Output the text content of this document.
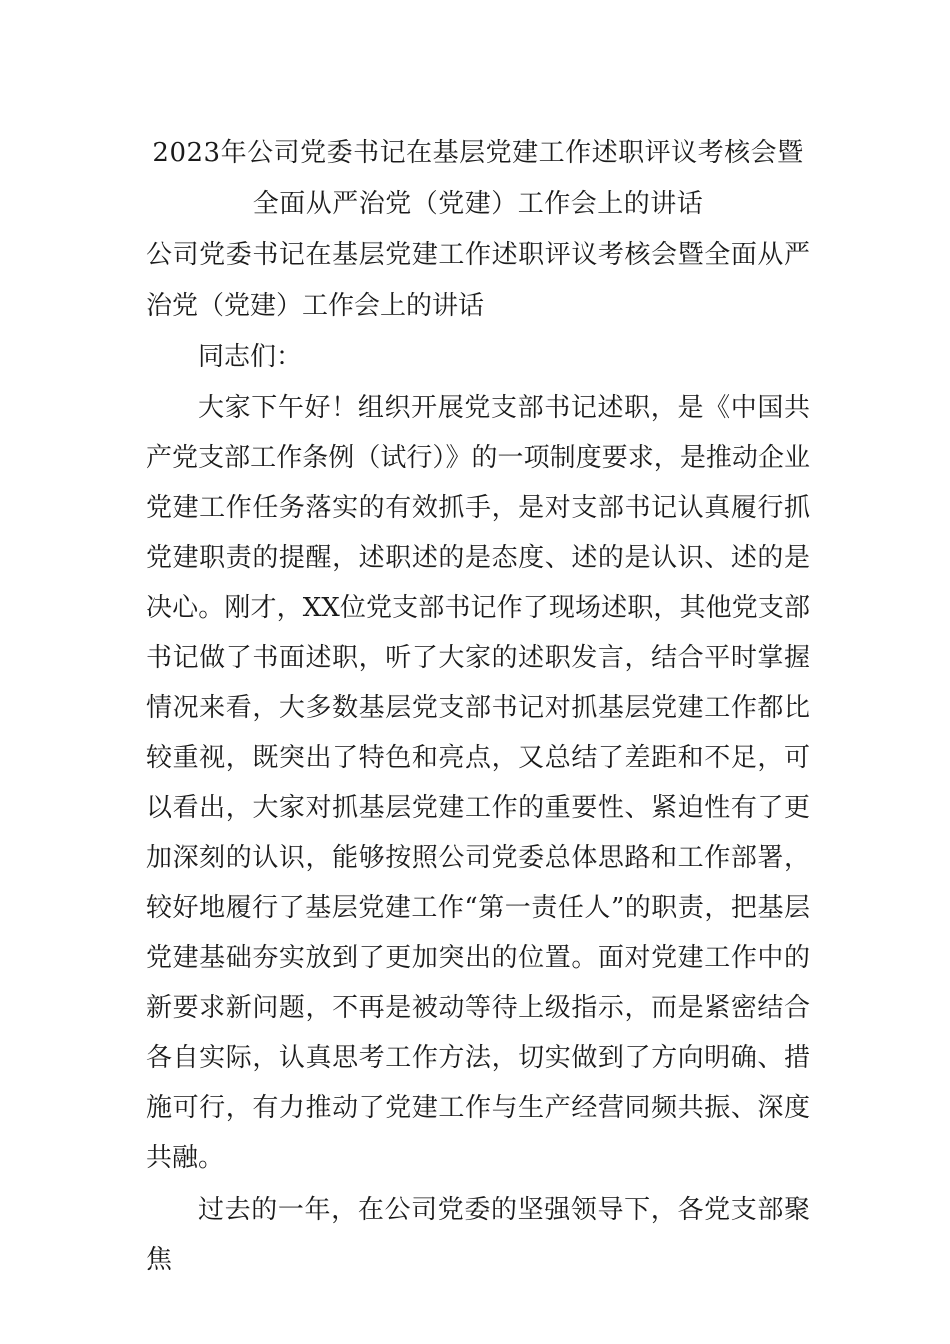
2023年公司党委书记在基层党建工作述职评议考核会暨全面从严治党（党建）工作会上的讲话

公司党委书记在基层党建工作述职评议考核会暨全面从严治党（党建）工作会上的讲话

同志们：

大家下午好！组织开展党支部书记述职，是《中国共产党支部工作条例（试行）》的一项制度要求，是推动企业党建工作任务落实的有效抓手，是对支部书记认真履行抓党建职责的提醒，述职述的是态度、述的是认识、述的是决心。刚才，XX位党支部书记作了现场述职，其他党支部书记做了书面述职，听了大家的述职发言，结合平时掌握情况来看，大多数基层党支部书记对抓基层党建工作都比较重视，既突出了特色和亮点，又总结了差距和不足，可以看出，大家对抓基层党建工作的重要性、紧迫性有了更加深刻的认识，能够按照公司党委总体思路和工作部署，较好地履行了基层党建工作“第一责任人”的职责，把基层党建基础夯实放到了更加突出的位置。面对党建工作中的新要求新问题，不再是被动等待上级指示，而是紧密结合各自实际，认真思考工作方法，切实做到了方向明确、措施可行，有力推动了党建工作与生产经营同频共振、深度共融。

过去的一年，在公司党委的坚强领导下，各党支部聚焦
